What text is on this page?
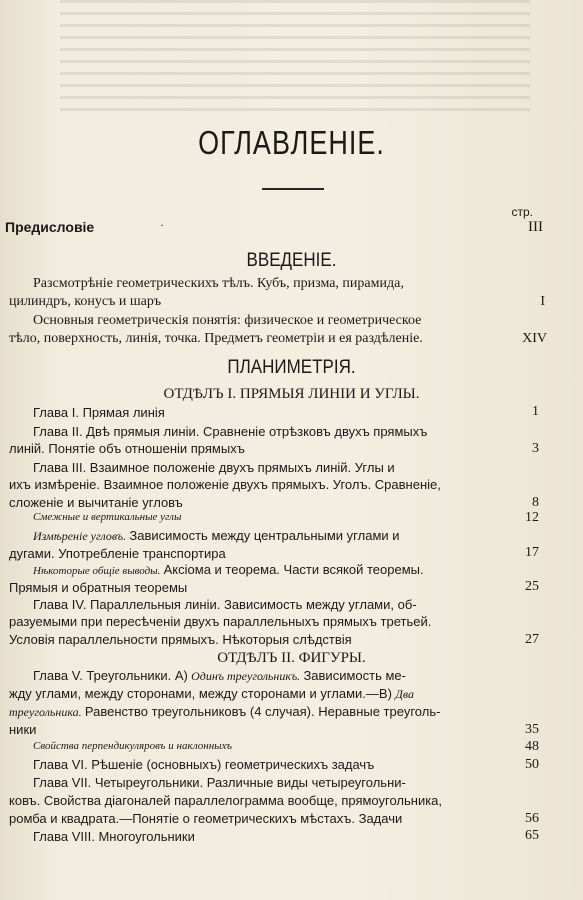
ОГЛАВЛЕНІЕ.
стр.
Предисловіе	·	III
ВВЕДЕНІЕ.
Разсмотрѣніе геометрическихъ тѣлъ. Кубъ, призма, пирамида,
цилиндръ, конусъ и шаръ	I
Основныя геометрическія понятія: физическое и геометрическое
тѣло, поверхность, линія, точка. Предметъ геометріи и ея раздѣленіе.	XIV
ПЛАНИМЕТРІЯ.
ОТДѢЛЪ I. ПРЯМЫЯ ЛИНІИ И УГЛЫ.
Глава I. Прямая линія	1
Глава II. Двѣ прямыя линіи. Сравненіе отрѣзковъ двухъ прямыхъ
линій. Понятіе объ отношеніи прямыхъ	3
Глава III. Взаимное положеніе двухъ прямыхъ линій. Углы и
ихъ измѣреніе. Взаимное положеніе двухъ прямыхъ. Уголъ. Сравненіе,
сложеніе и вычитаніе угловъ	8
Смежные и вертикальные углы	12
Измѣреніе угловъ. Зависимость между центральными углами и
дугами. Употребленіе транспортира	17
Нѣкоторые общіе выводы. Аксіома и теорема. Части всякой теоремы.
Прямыя и обратныя теоремы	25
Глава IV. Параллельныя линіи. Зависимость между углами, об-
разуемыми при пересѣченіи двухъ параллельныхъ прямыхъ третьей.
Условія параллельности прямыхъ. Нѣкоторыя слѣдствія	27
ОТДѢЛЪ II. ФИГУРЫ.
Глава V. Треугольники. А) Одинъ треугольникъ. Зависимость ме-
жду углами, между сторонами, между сторонами и углами.—В) Два
треугольника. Равенство треугольниковъ (4 случая). Неравные треуголь-
ники	35
Свойства перпендикуляровъ и наклонныхъ	48
Глава VI. Рѣшеніе (основныхъ) геометрическихъ задачъ	50
Глава VII. Четыреугольники. Различные виды четыреугольни-
ковъ. Свойства діагоналей параллелограмма вообще, прямоугольника,
ромба и квадрата.—Понятіе о геометрическихъ мѣстахъ. Задачи	56
Глава VIII. Многоугольники	65
